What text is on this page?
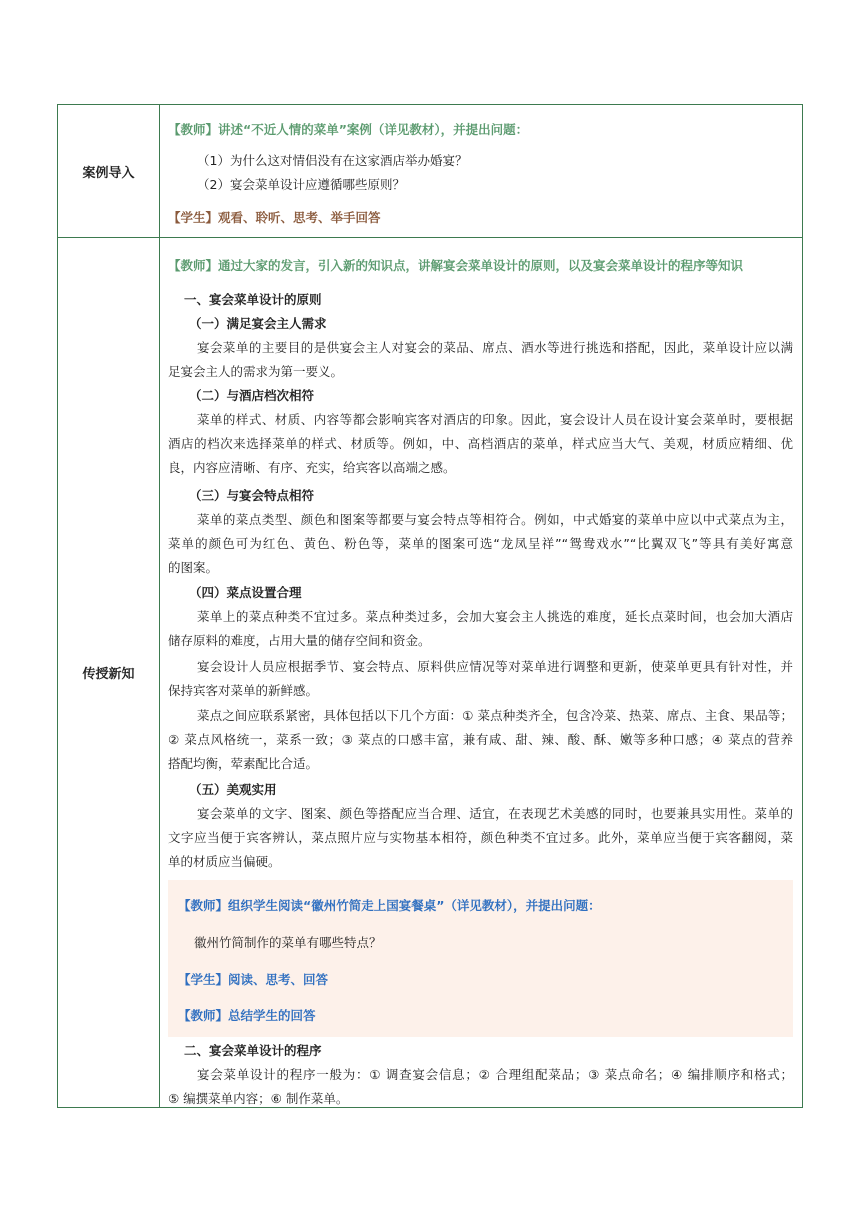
案例导入
【教师】讲述“不近人情的菜单”案例（详见教材），并提出问题：
（1）为什么这对情侣没有在这家酒店举办婚宴？
（2）宴会菜单设计应遵循哪些原则？
【学生】观看、聆听、思考、举手回答
传授新知
【教师】通过大家的发言，引入新的知识点，讲解宴会菜单设计的原则，以及宴会菜单设计的程序等知识
一、宴会菜单设计的原则
（一）满足宴会主人需求
宴会菜单的主要目的是供宴会主人对宴会的菜品、席点、酒水等进行挑选和搭配，因此，菜单设计应以满
足宴会主人的需求为第一要义。
（二）与酒店档次相符
菜单的样式、材质、内容等都会影响宾客对酒店的印象。因此，宴会设计人员在设计宴会菜单时，要根据
酒店的档次来选择菜单的样式、材质等。例如，中、高档酒店的菜单，样式应当大气、美观，材质应精细、优
良，内容应清晰、有序、充实，给宾客以高端之感。
（三）与宴会特点相符
菜单的菜点类型、颜色和图案等都要与宴会特点等相符合。例如，中式婚宴的菜单中应以中式菜点为主，
菜单的颜色可为红色、黄色、粉色等，菜单的图案可选“龙凤呈祥”“鸳鸯戏水”“比翼双飞”等具有美好寓意
的图案。
（四）菜点设置合理
菜单上的菜点种类不宜过多。菜点种类过多，会加大宴会主人挑选的难度，延长点菜时间，也会加大酒店
储存原料的难度，占用大量的储存空间和资金。
宴会设计人员应根据季节、宴会特点、原料供应情况等对菜单进行调整和更新，使菜单更具有针对性，并
保持宾客对菜单的新鲜感。
菜点之间应联系紧密，具体包括以下几个方面：① 菜点种类齐全，包含冷菜、热菜、席点、主食、果品等；
② 菜点风格统一，菜系一致；③ 菜点的口感丰富，兼有咸、甜、辣、酸、酥、嫩等多种口感；④ 菜点的营养
搭配均衡，荤素配比合适。
（五）美观实用
宴会菜单的文字、图案、颜色等搭配应当合理、适宜，在表现艺术美感的同时，也要兼具实用性。菜单的
文字应当便于宾客辨认，菜点照片应与实物基本相符，颜色种类不宜过多。此外，菜单应当便于宾客翻阅，菜
单的材质应当偏硬。
【教师】组织学生阅读“徽州竹简走上国宴餐桌”（详见教材），并提出问题：
徽州竹简制作的菜单有哪些特点？
【学生】阅读、思考、回答
【教师】总结学生的回答
二、宴会菜单设计的程序
宴会菜单设计的程序一般为：① 调查宴会信息；② 合理组配菜品；③ 菜点命名；④ 编排顺序和格式；
⑤ 编撰菜单内容；⑥ 制作菜单。
